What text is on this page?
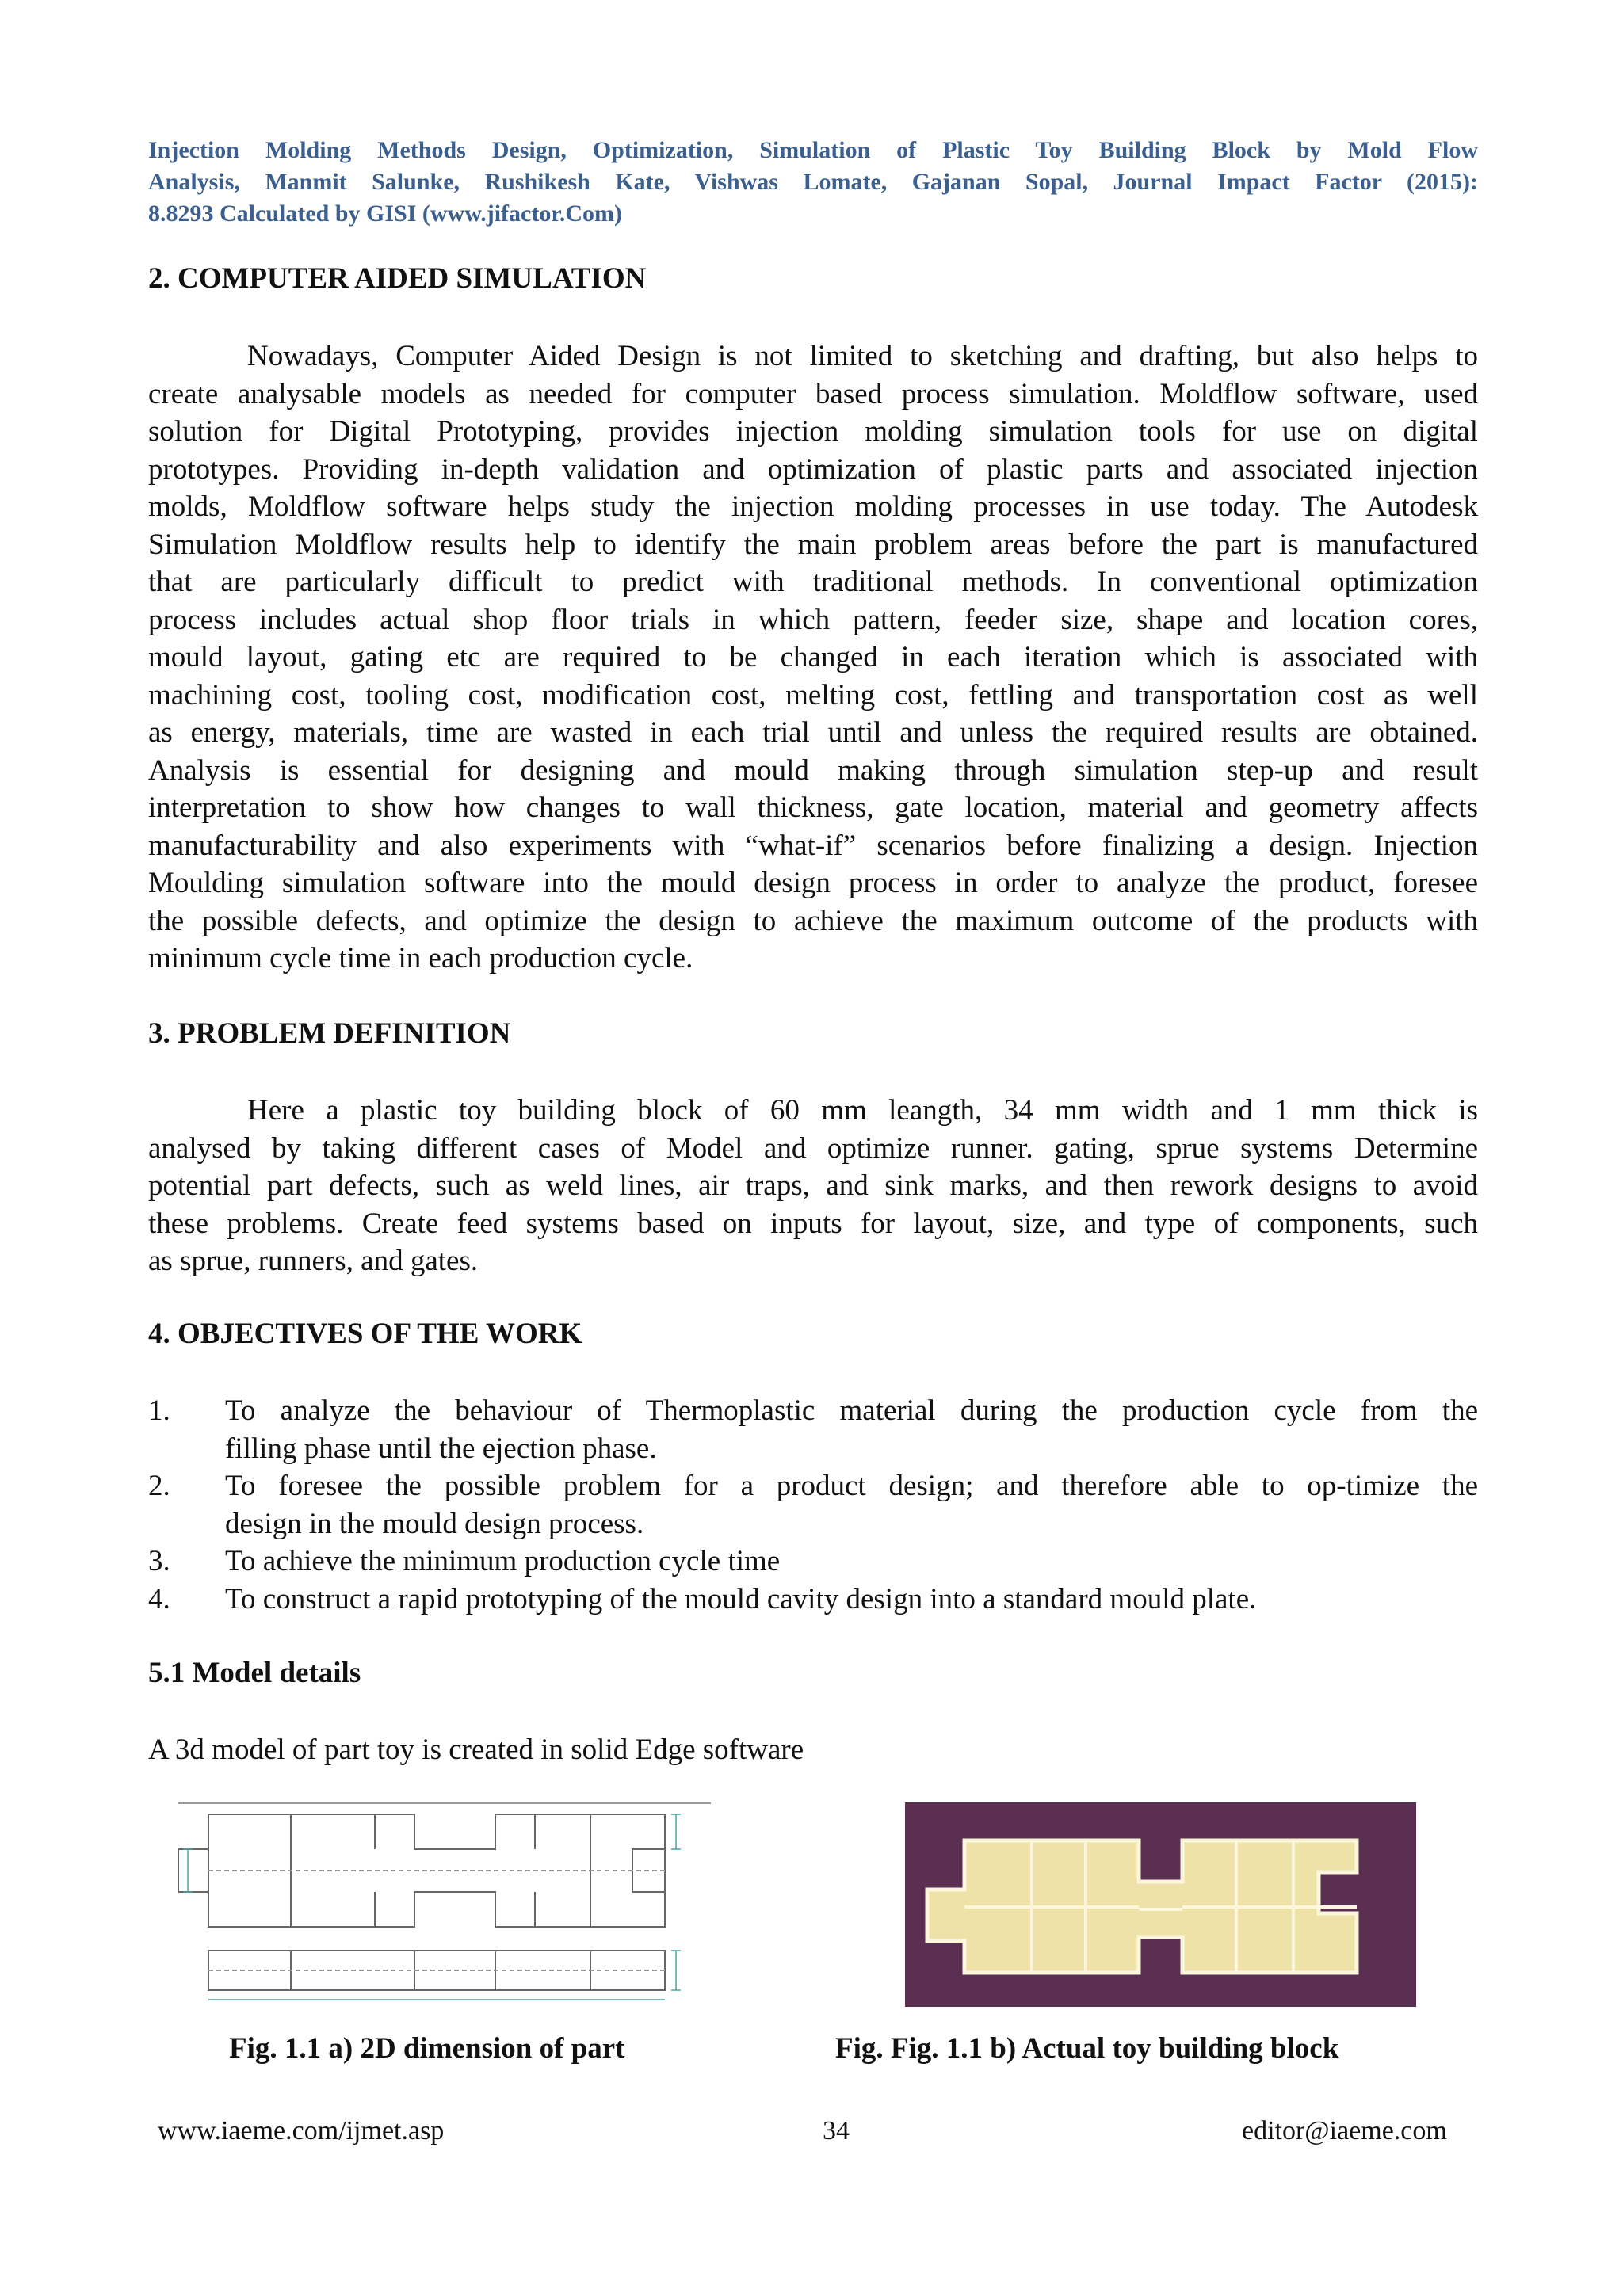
Injection Molding Methods Design, Optimization, Simulation of Plastic Toy Building Block by Mold Flow
Analysis, Manmit Salunke, Rushikesh Kate, Vishwas Lomate, Gajanan Sopal, Journal Impact Factor (2015):
8.8293 Calculated by GISI (www.jifactor.Com)
2. COMPUTER AIDED SIMULATION
Nowadays, Computer Aided Design is not limited to sketching and drafting, but also helps to
create analysable models as needed for computer based process simulation. Moldflow software, used
solution for Digital Prototyping, provides injection molding simulation tools for use on digital
prototypes. Providing in-depth validation and optimization of plastic parts and associated injection
molds, Moldflow software helps study the injection molding processes in use today. The Autodesk
Simulation Moldflow results help to identify the main problem areas before the part is manufactured
that are particularly difficult to predict with traditional methods. In conventional optimization
process includes actual shop floor trials in which pattern, feeder size, shape and location cores,
mould layout, gating etc are required to be changed in each iteration which is associated with
machining cost, tooling cost, modification cost, melting cost, fettling and transportation cost as well
as energy, materials, time are wasted in each trial until and unless the required results are obtained.
Analysis is essential for designing and mould making through simulation step-up and result
interpretation to show how changes to wall thickness, gate location, material and geometry affects
manufacturability and also experiments with “what-if” scenarios before finalizing a design. Injection
Moulding simulation software into the mould design process in order to analyze the product, foresee
the possible defects, and optimize the design to achieve the maximum outcome of the products with
minimum cycle time in each production cycle.
3. PROBLEM DEFINITION
Here a plastic toy building block of 60 mm leangth, 34 mm width and 1 mm thick is
analysed by taking different cases of Model and optimize runner. gating, sprue systems Determine
potential part defects, such as weld lines, air traps, and sink marks, and then rework designs to avoid
these problems. Create feed systems based on inputs for layout, size, and type of components, such
as sprue, runners, and gates.
4. OBJECTIVES OF THE WORK
1. To analyze the behaviour of Thermoplastic material during the production cycle from the
filling phase until the ejection phase.
2. To foresee the possible problem for a product design; and therefore able to op-timize the
design in the mould design process.
3. To achieve the minimum production cycle time
4. To construct a rapid prototyping of the mould cavity design into a standard mould plate.
5.1 Model details
A 3d model of part toy is created in solid Edge software
Fig. 1.1 a) 2D dimension of part	Fig. Fig. 1.1 b) Actual toy building block
www.iaeme.com/ijmet.asp	34	editor@iaeme.com
